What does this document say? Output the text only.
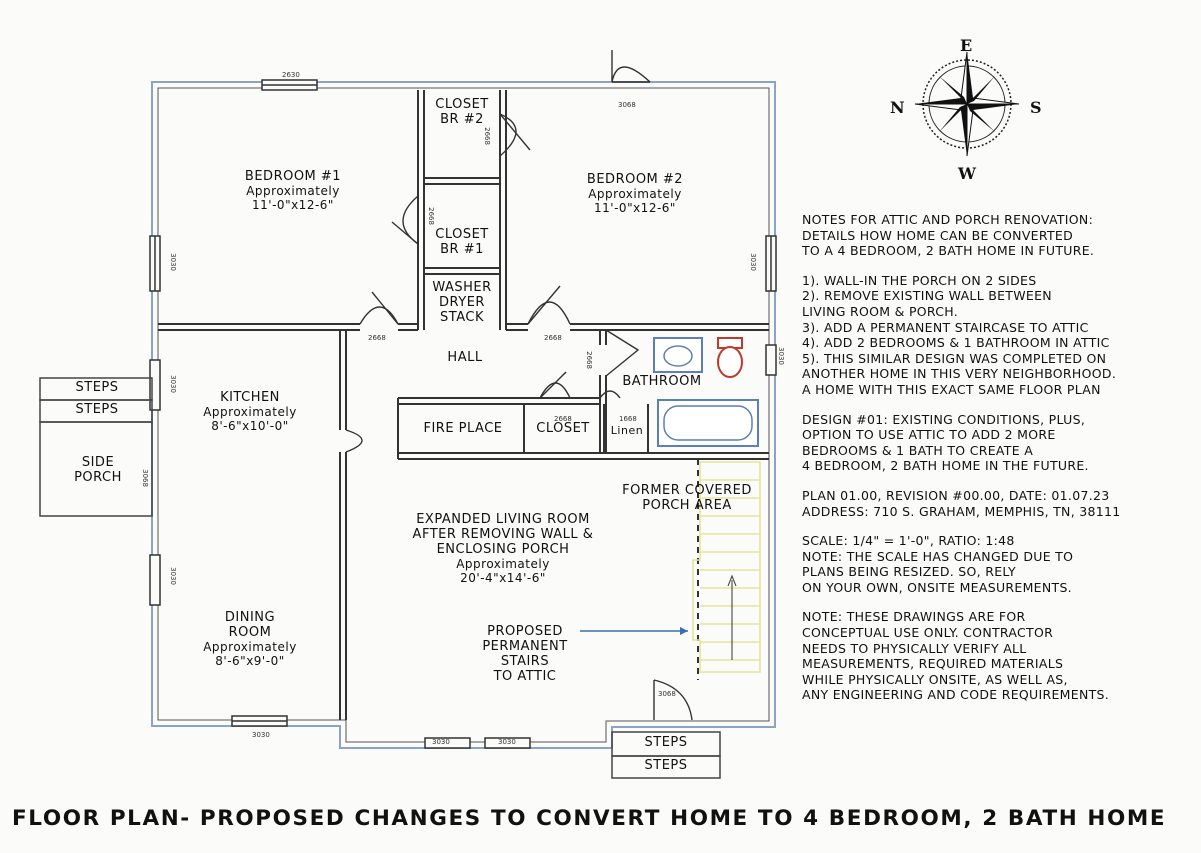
E
N	S
W
BEDROOM #1
Approximately
11'-0"x12-6"
BEDROOM #2
Approximately
11'-0"x12-6"
CLOSET
BR #2
CLOSET
BR #1
WASHER
DRYER
STACK
HALL
BATHROOM
KITCHEN
Approximately
8'-6"x10'-0"
DINING
ROOM
Approximately
8'-6"x9'-0"
FIRE PLACE	CLOSET	Linen
EXPANDED LIVING ROOM
AFTER REMOVING WALL &
ENCLOSING PORCH
Approximately
20'-4"x14'-6"
FORMER COVERED
PORCH AREA
PROPOSED
PERMANENT
STAIRS
TO ATTIC
SIDE
PORCH
STEPS
STEPS
STEPS
STEPS
2630
3068
3030	3030
2668
2668
2668	2668
2668	3030
3030
3068
2668	1668
3030
3030
3030	3030
3068

NOTES FOR ATTIC AND PORCH RENOVATION:
DETAILS HOW HOME CAN BE CONVERTED
TO A 4 BEDROOM, 2 BATH HOME IN FUTURE.

1). WALL-IN THE PORCH ON 2 SIDES
2). REMOVE EXISTING WALL BETWEEN
LIVING ROOM & PORCH.
3). ADD A PERMANENT STAIRCASE TO ATTIC
4). ADD 2 BEDROOMS & 1 BATHROOM IN ATTIC
5). THIS SIMILAR DESIGN WAS COMPLETED ON
ANOTHER HOME IN THIS VERY NEIGHBORHOOD.
A HOME WITH THIS EXACT SAME FLOOR PLAN

DESIGN #01: EXISTING CONDITIONS, PLUS,
OPTION TO USE ATTIC TO ADD 2 MORE
BEDROOMS & 1 BATH TO CREATE A
4 BEDROOM, 2 BATH HOME IN THE FUTURE.

PLAN 01.00, REVISION #00.00, DATE: 01.07.23
ADDRESS: 710 S. GRAHAM, MEMPHIS, TN, 38111

SCALE: 1/4" = 1'-0", RATIO: 1:48
NOTE: THE SCALE HAS CHANGED DUE TO
PLANS BEING RESIZED. SO, RELY
ON YOUR OWN, ONSITE MEASUREMENTS.

NOTE: THESE DRAWINGS ARE FOR
CONCEPTUAL USE ONLY. CONTRACTOR
NEEDS TO PHYSICALLY VERIFY ALL
MEASUREMENTS, REQUIRED MATERIALS
WHILE PHYSICALLY ONSITE, AS WELL AS,
ANY ENGINEERING AND CODE REQUIREMENTS.

FLOOR PLAN- PROPOSED CHANGES TO CONVERT HOME TO 4 BEDROOM, 2 BATH HOME
